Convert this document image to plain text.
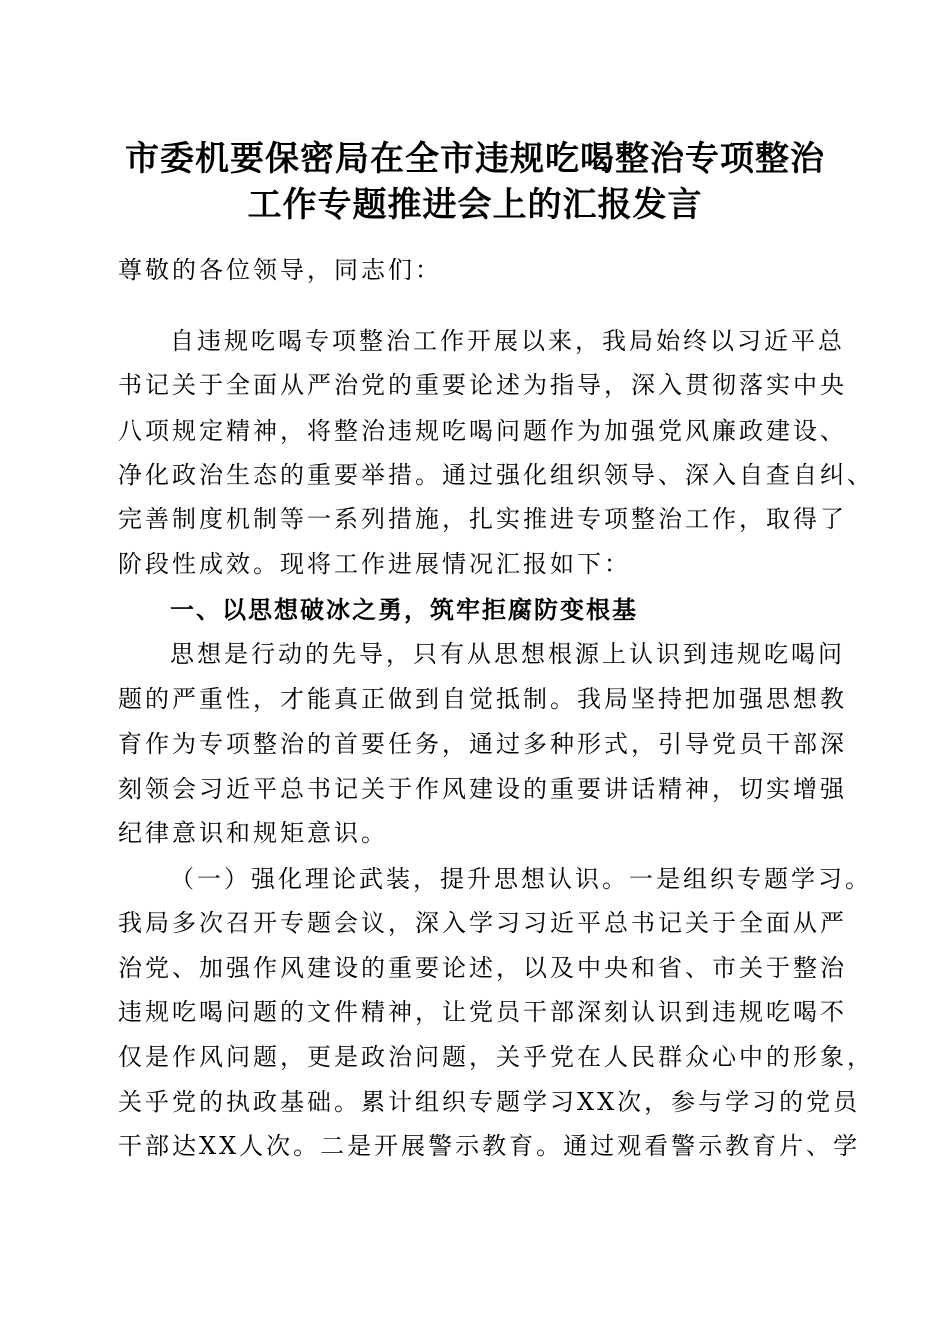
市委机要保密局在全市违规吃喝整治专项整治
工作专题推进会上的汇报发言
尊敬的各位领导，同志们：
自违规吃喝专项整治工作开展以来，我局始终以习近平总
书记关于全面从严治党的重要论述为指导，深入贯彻落实中央
八项规定精神，将整治违规吃喝问题作为加强党风廉政建设、
净化政治生态的重要举措。通过强化组织领导、深入自查自纠、
完善制度机制等一系列措施，扎实推进专项整治工作，取得了
阶段性成效。现将工作进展情况汇报如下：
一、以思想破冰之勇，筑牢拒腐防变根基
思想是行动的先导，只有从思想根源上认识到违规吃喝问
题的严重性，才能真正做到自觉抵制。我局坚持把加强思想教
育作为专项整治的首要任务，通过多种形式，引导党员干部深
刻领会习近平总书记关于作风建设的重要讲话精神，切实增强
纪律意识和规矩意识。
（一）强化理论武装，提升思想认识。一是组织专题学习。
我局多次召开专题会议，深入学习习近平总书记关于全面从严
治党、加强作风建设的重要论述，以及中央和省、市关于整治
违规吃喝问题的文件精神，让党员干部深刻认识到违规吃喝不
仅是作风问题，更是政治问题，关乎党在人民群众心中的形象，
关乎党的执政基础。累计组织专题学习XX次，参与学习的党员
干部达XX人次。二是开展警示教育。通过观看警示教育片、学
